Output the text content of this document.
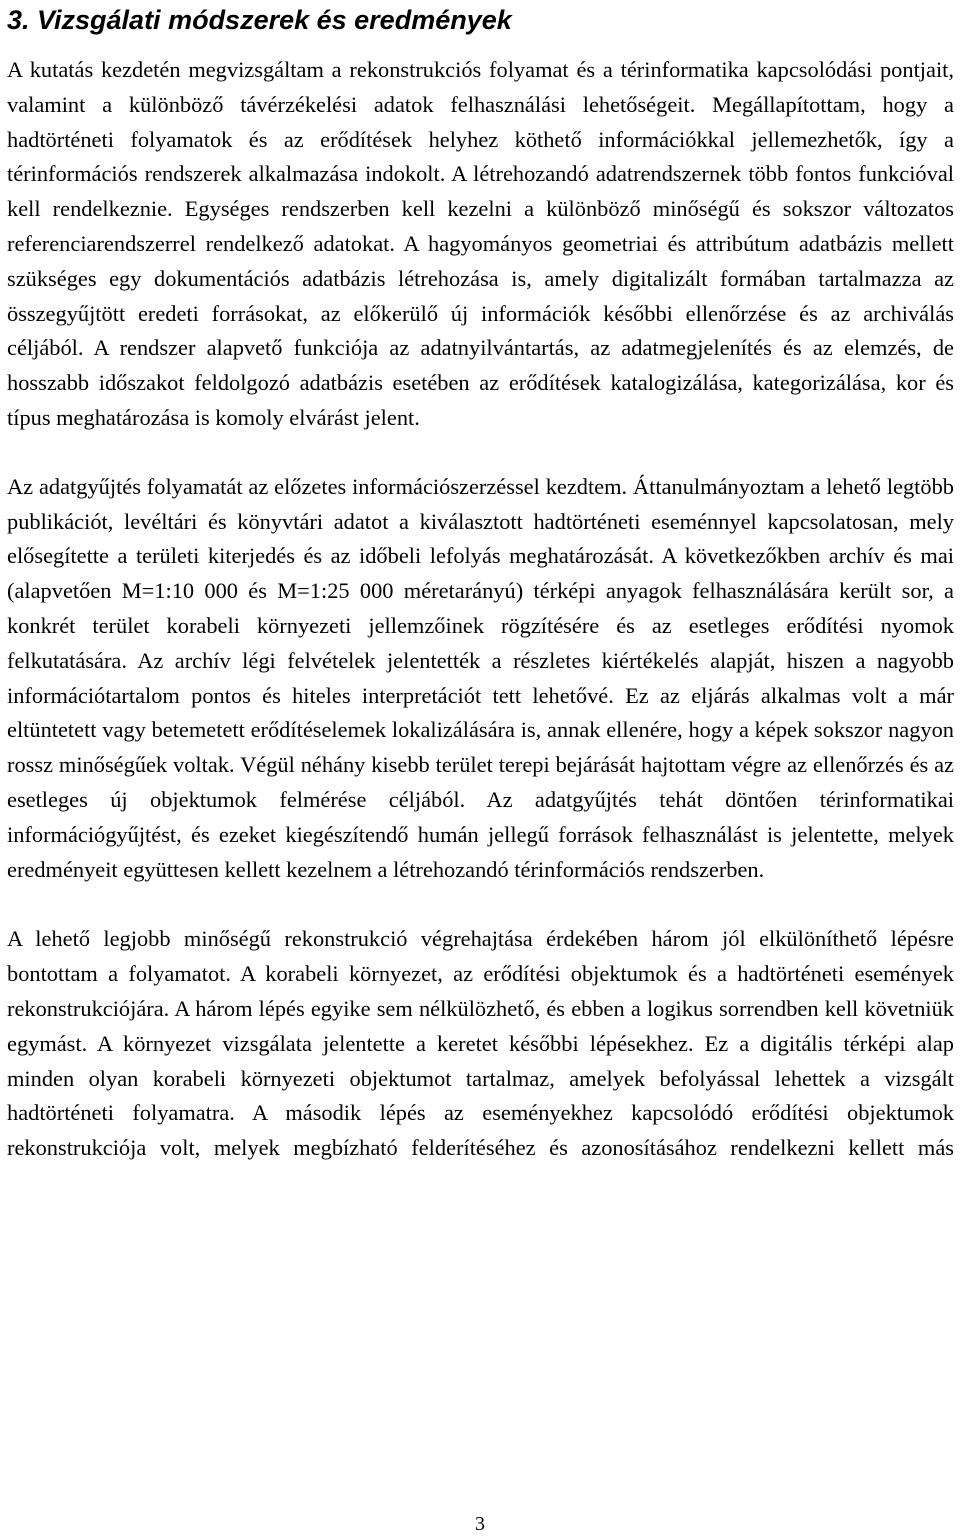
3. Vizsgálati módszerek és eredmények

A kutatás kezdetén megvizsgáltam a rekonstrukciós folyamat és a térinformatika kapcsolódási pontjait, valamint a különböző távérzékelési adatok felhasználási lehetőségeit. Megállapítottam, hogy a hadtörténeti folyamatok és az erődítések helyhez köthető információkkal jellemezhetők, így a térinformációs rendszerek alkalmazása indokolt. A létrehozandó adatrendszernek több fontos funkcióval kell rendelkeznie. Egységes rendszerben kell kezelni a különböző minőségű és sokszor változatos referenciarendszerrel rendelkező adatokat. A hagyományos geometriai és attribútum adatbázis mellett szükséges egy dokumentációs adatbázis létrehozása is, amely digitalizált formában tartalmazza az összegyűjtött eredeti forrásokat, az előkerülő új információk későbbi ellenőrzése és az archiválás céljából. A rendszer alapvető funkciója az adatnyilvántartás, az adatmegjelenítés és az elemzés, de hosszabb időszakot feldolgozó adatbázis esetében az erődítések katalogizálása, kategorizálása, kor és típus meghatározása is komoly elvárást jelent.

Az adatgyűjtés folyamatát az előzetes információszerzéssel kezdtem. Áttanulmányoztam a lehető legtöbb publikációt, levéltári és könyvtári adatot a kiválasztott hadtörténeti eseménnyel kapcsolatosan, mely elősegítette a területi kiterjedés és az időbeli lefolyás meghatározását. A következőkben archív és mai (alapvetően M=1:10 000 és M=1:25 000 méretarányú) térképi anyagok felhasználására került sor, a konkrét terület korabeli környezeti jellemzőinek rögzítésére és az esetleges erődítési nyomok felkutatására. Az archív légi felvételek jelentették a részletes kiértékelés alapját, hiszen a nagyobb információtartalom pontos és hiteles interpretációt tett lehetővé. Ez az eljárás alkalmas volt a már eltüntetett vagy betemetett erődítéselemek lokalizálására is, annak ellenére, hogy a képek sokszor nagyon rossz minőségűek voltak. Végül néhány kisebb terület terepi bejárását hajtottam végre az ellenőrzés és az esetleges új objektumok felmérése céljából. Az adatgyűjtés tehát döntően térinformatikai információgyűjtést, és ezeket kiegészítendő humán jellegű források felhasználást is jelentette, melyek eredményeit együttesen kellett kezelnem a létrehozandó térinformációs rendszerben.

A lehető legjobb minőségű rekonstrukció végrehajtása érdekében három jól elkülöníthető lépésre bontottam a folyamatot. A korabeli környezet, az erődítési objektumok és a hadtörténeti események rekonstrukciójára. A három lépés egyike sem nélkülözhető, és ebben a logikus sorrendben kell követniük egymást. A környezet vizsgálata jelentette a keretet későbbi lépésekhez. Ez a digitális térképi alap minden olyan korabeli környezeti objektumot tartalmaz, amelyek befolyással lehettek a vizsgált hadtörténeti folyamatra. A második lépés az eseményekhez kapcsolódó erődítési objektumok rekonstrukciója volt, melyek megbízható felderítéséhez és azonosításához rendelkezni kellett más

3
